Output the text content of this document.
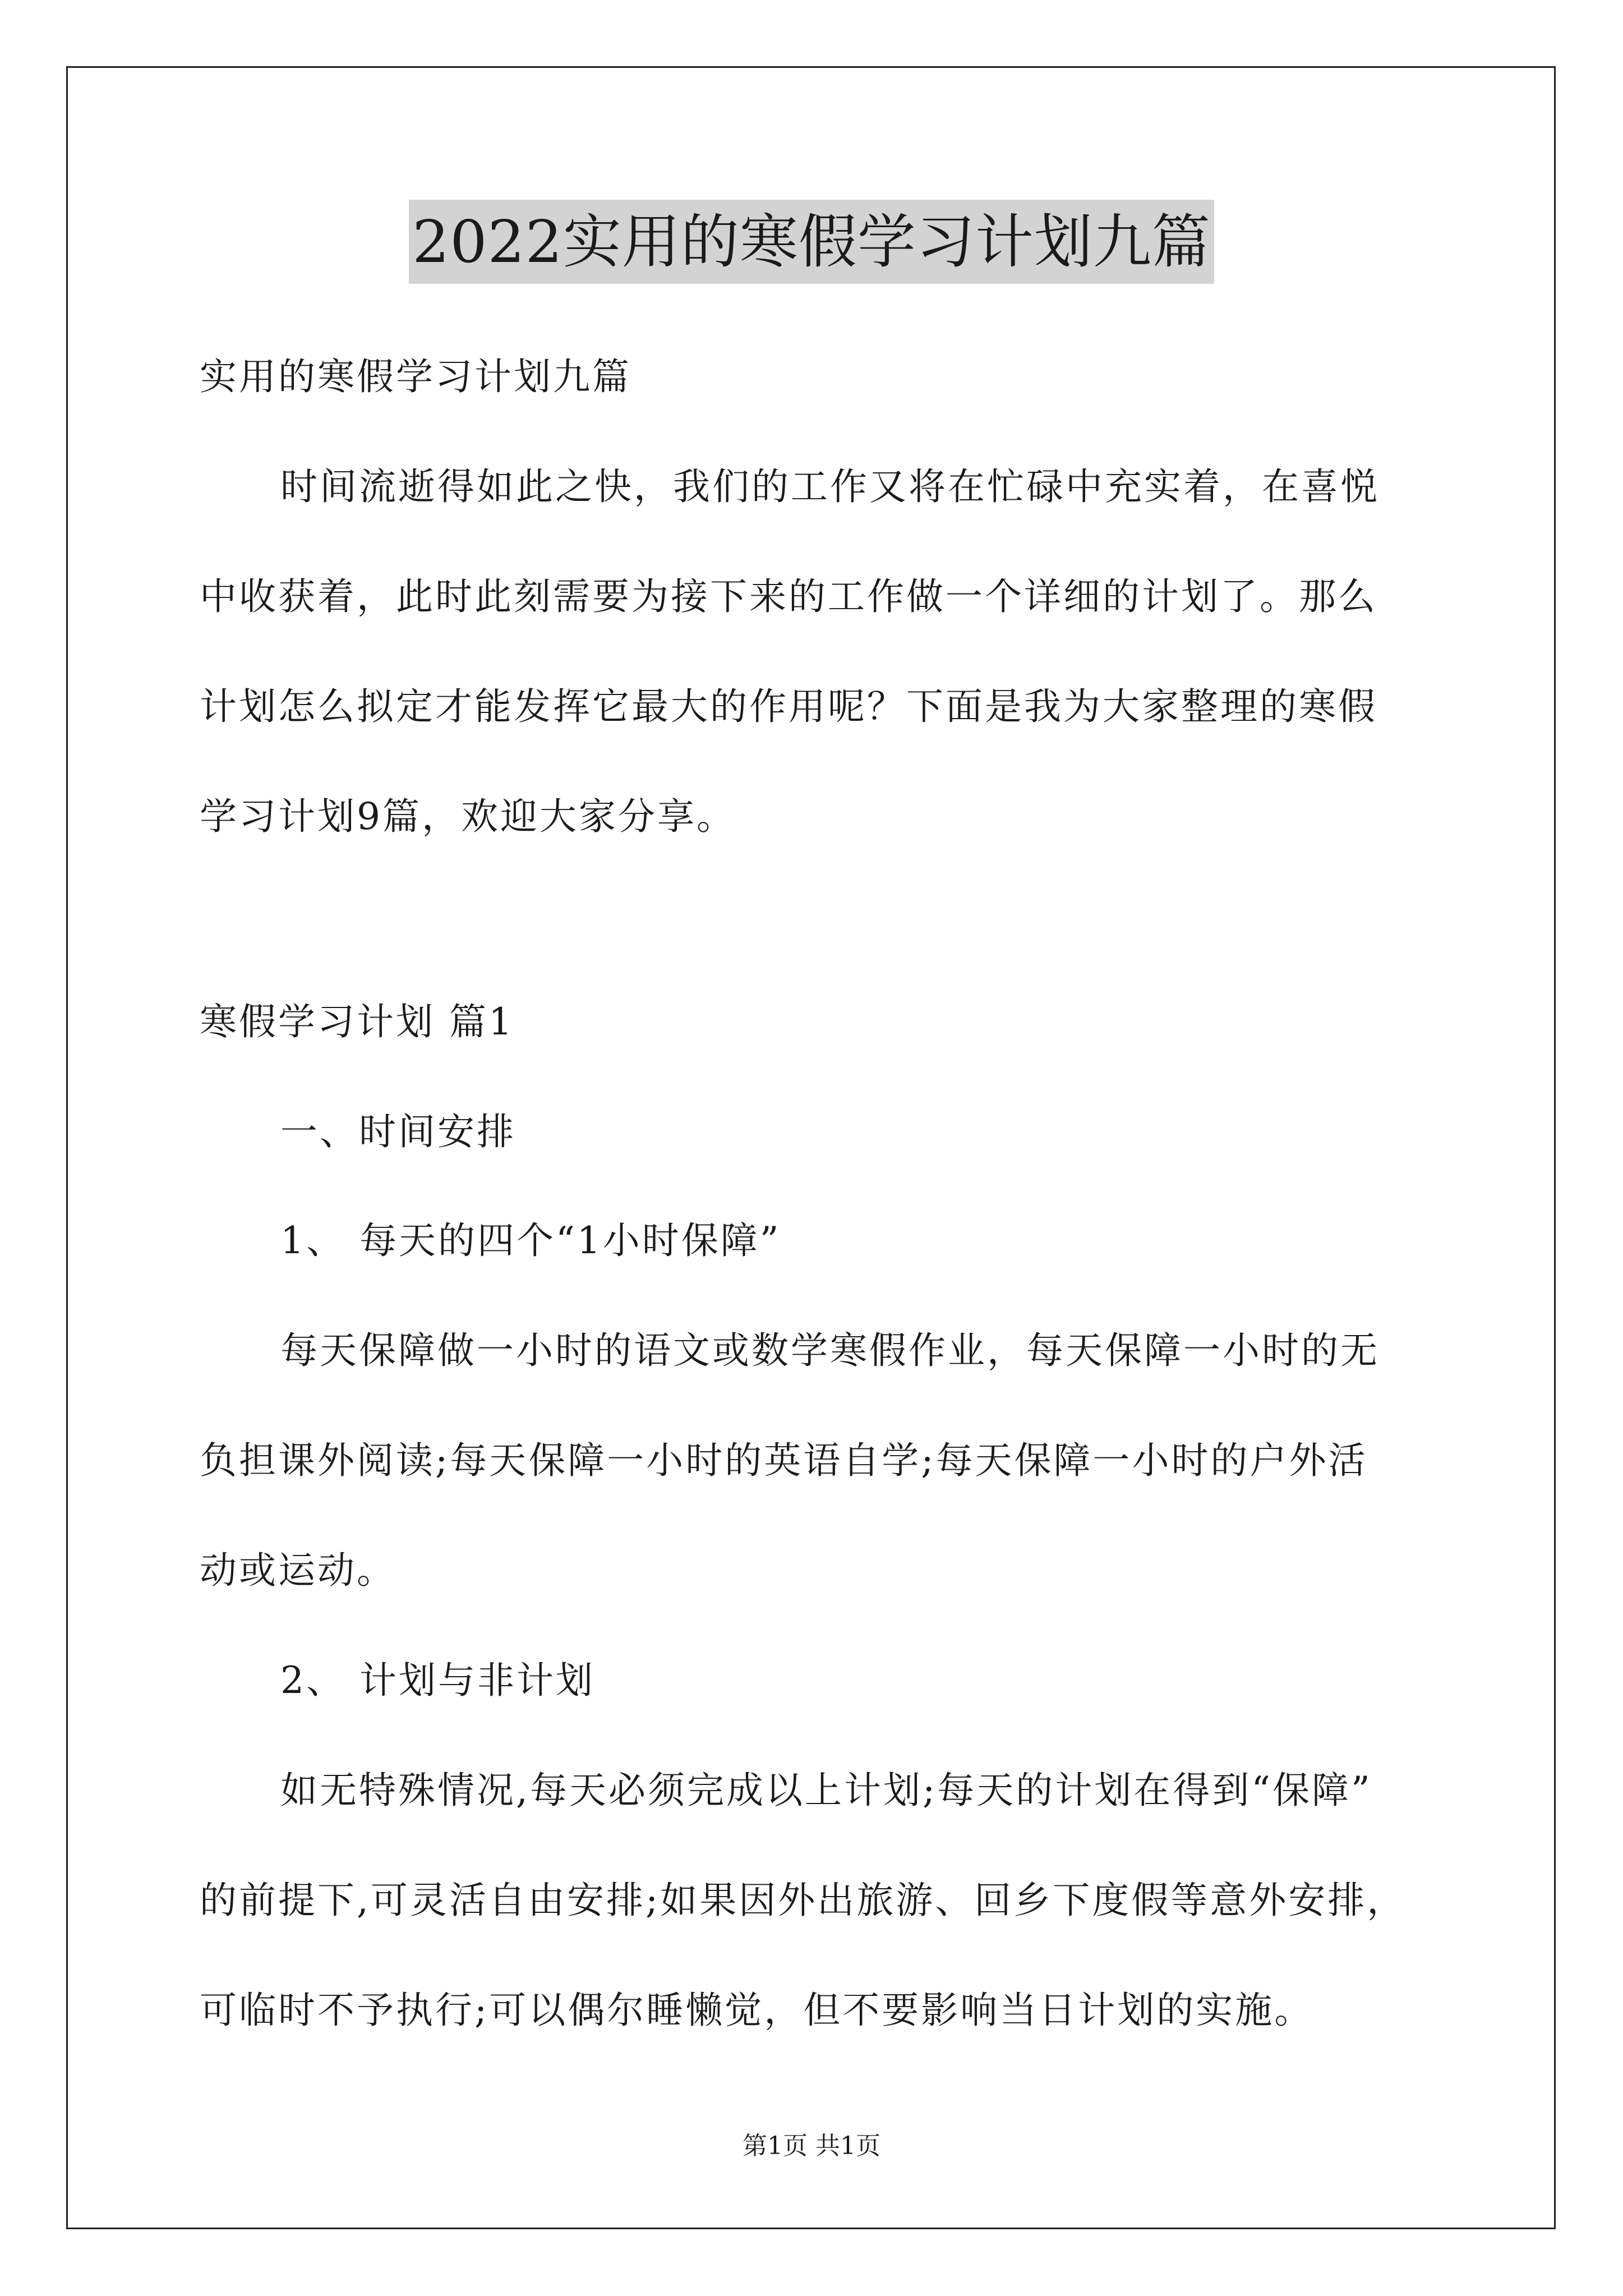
2022实用的寒假学习计划九篇
实用的寒假学习计划九篇
时间流逝得如此之快，我们的工作又将在忙碌中充实着，在喜悦
中收获着，此时此刻需要为接下来的工作做一个详细的计划了。那么
计划怎么拟定才能发挥它最大的作用呢？下面是我为大家整理的寒假
学习计划9篇，欢迎大家分享。
寒假学习计划 篇1
一、时间安排
1、 每天的四个“1小时保障”
每天保障做一小时的语文或数学寒假作业，每天保障一小时的无
负担课外阅读;每天保障一小时的英语自学;每天保障一小时的户外活
动或运动。
2、 计划与非计划
如无特殊情况,每天必须完成以上计划;每天的计划在得到“保障”
的前提下,可灵活自由安排;如果因外出旅游、回乡下度假等意外安排，
可临时不予执行;可以偶尔睡懒觉，但不要影响当日计划的实施。
第1页 共1页
